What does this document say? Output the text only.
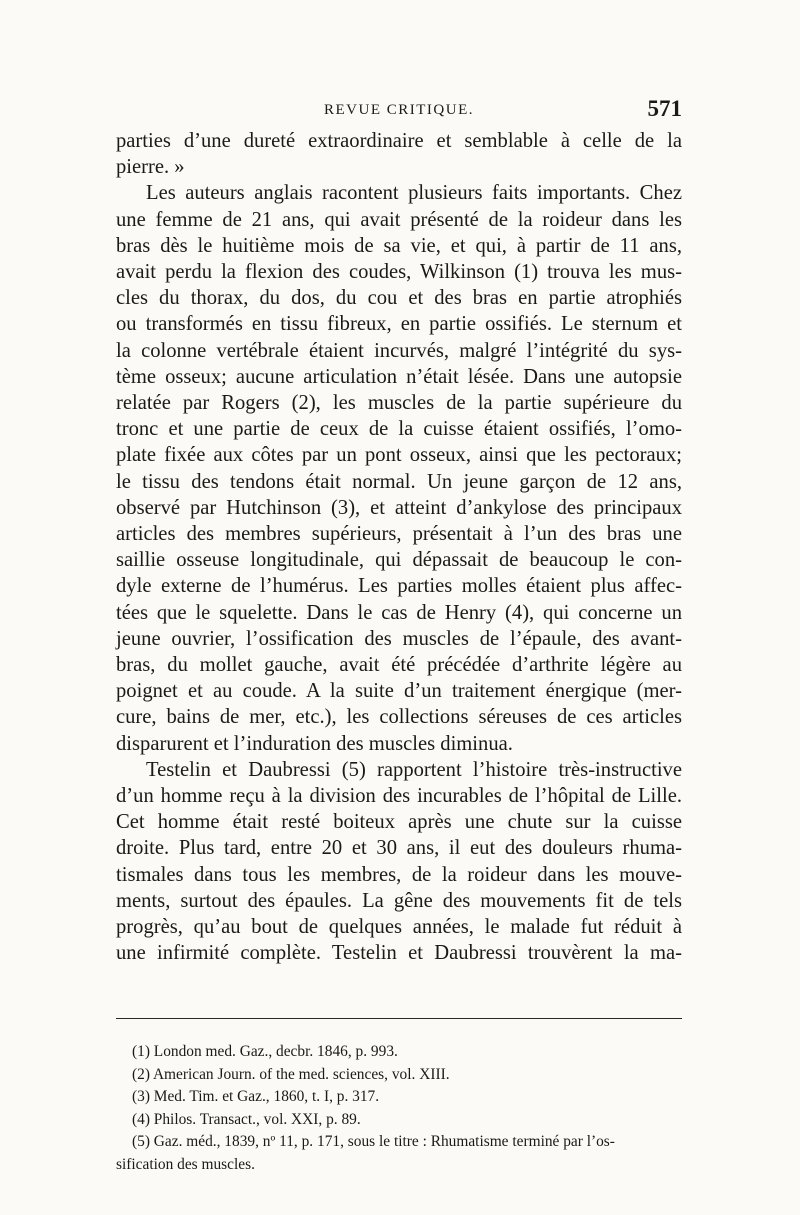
REVUE CRITIQUE.	571
parties d’une dureté extraordinaire et semblable à celle de la
pierre. »
Les auteurs anglais racontent plusieurs faits importants. Chez
une femme de 21 ans, qui avait présenté de la roideur dans les
bras dès le huitième mois de sa vie, et qui, à partir de 11 ans,
avait perdu la flexion des coudes, Wilkinson (1) trouva les mus-
cles du thorax, du dos, du cou et des bras en partie atrophiés
ou transformés en tissu fibreux, en partie ossifiés. Le sternum et
la colonne vertébrale étaient incurvés, malgré l’intégrité du sys-
tème osseux; aucune articulation n’était lésée. Dans une autopsie
relatée par Rogers (2), les muscles de la partie supérieure du
tronc et une partie de ceux de la cuisse étaient ossifiés, l’omo-
plate fixée aux côtes par un pont osseux, ainsi que les pectoraux;
le tissu des tendons était normal. Un jeune garçon de 12 ans,
observé par Hutchinson (3), et atteint d’ankylose des principaux
articles des membres supérieurs, présentait à l’un des bras une
saillie osseuse longitudinale, qui dépassait de beaucoup le con-
dyle externe de l’humérus. Les parties molles étaient plus affec-
tées que le squelette. Dans le cas de Henry (4), qui concerne un
jeune ouvrier, l’ossification des muscles de l’épaule, des avant-
bras, du mollet gauche, avait été précédée d’arthrite légère au
poignet et au coude. A la suite d’un traitement énergique (mer-
cure, bains de mer, etc.), les collections séreuses de ces articles
disparurent et l’induration des muscles diminua.
Testelin et Daubressi (5) rapportent l’histoire très-instructive
d’un homme reçu à la division des incurables de l’hôpital de Lille.
Cet homme était resté boiteux après une chute sur la cuisse
droite. Plus tard, entre 20 et 30 ans, il eut des douleurs rhuma-
tismales dans tous les membres, de la roideur dans les mouve-
ments, surtout des épaules. La gêne des mouvements fit de tels
progrès, qu’au bout de quelques années, le malade fut réduit à
une infirmité complète. Testelin et Daubressi trouvèrent la ma-
(1) London med. Gaz., decbr. 1846, p. 993.
(2) American Journ. of the med. sciences, vol. XIII.
(3) Med. Tim. et Gaz., 1860, t. I, p. 317.
(4) Philos. Transact., vol. XXI, p. 89.
(5) Gaz. méd., 1839, nº 11, p. 171, sous le titre : Rhumatisme terminé par l’os-
sification des muscles.
